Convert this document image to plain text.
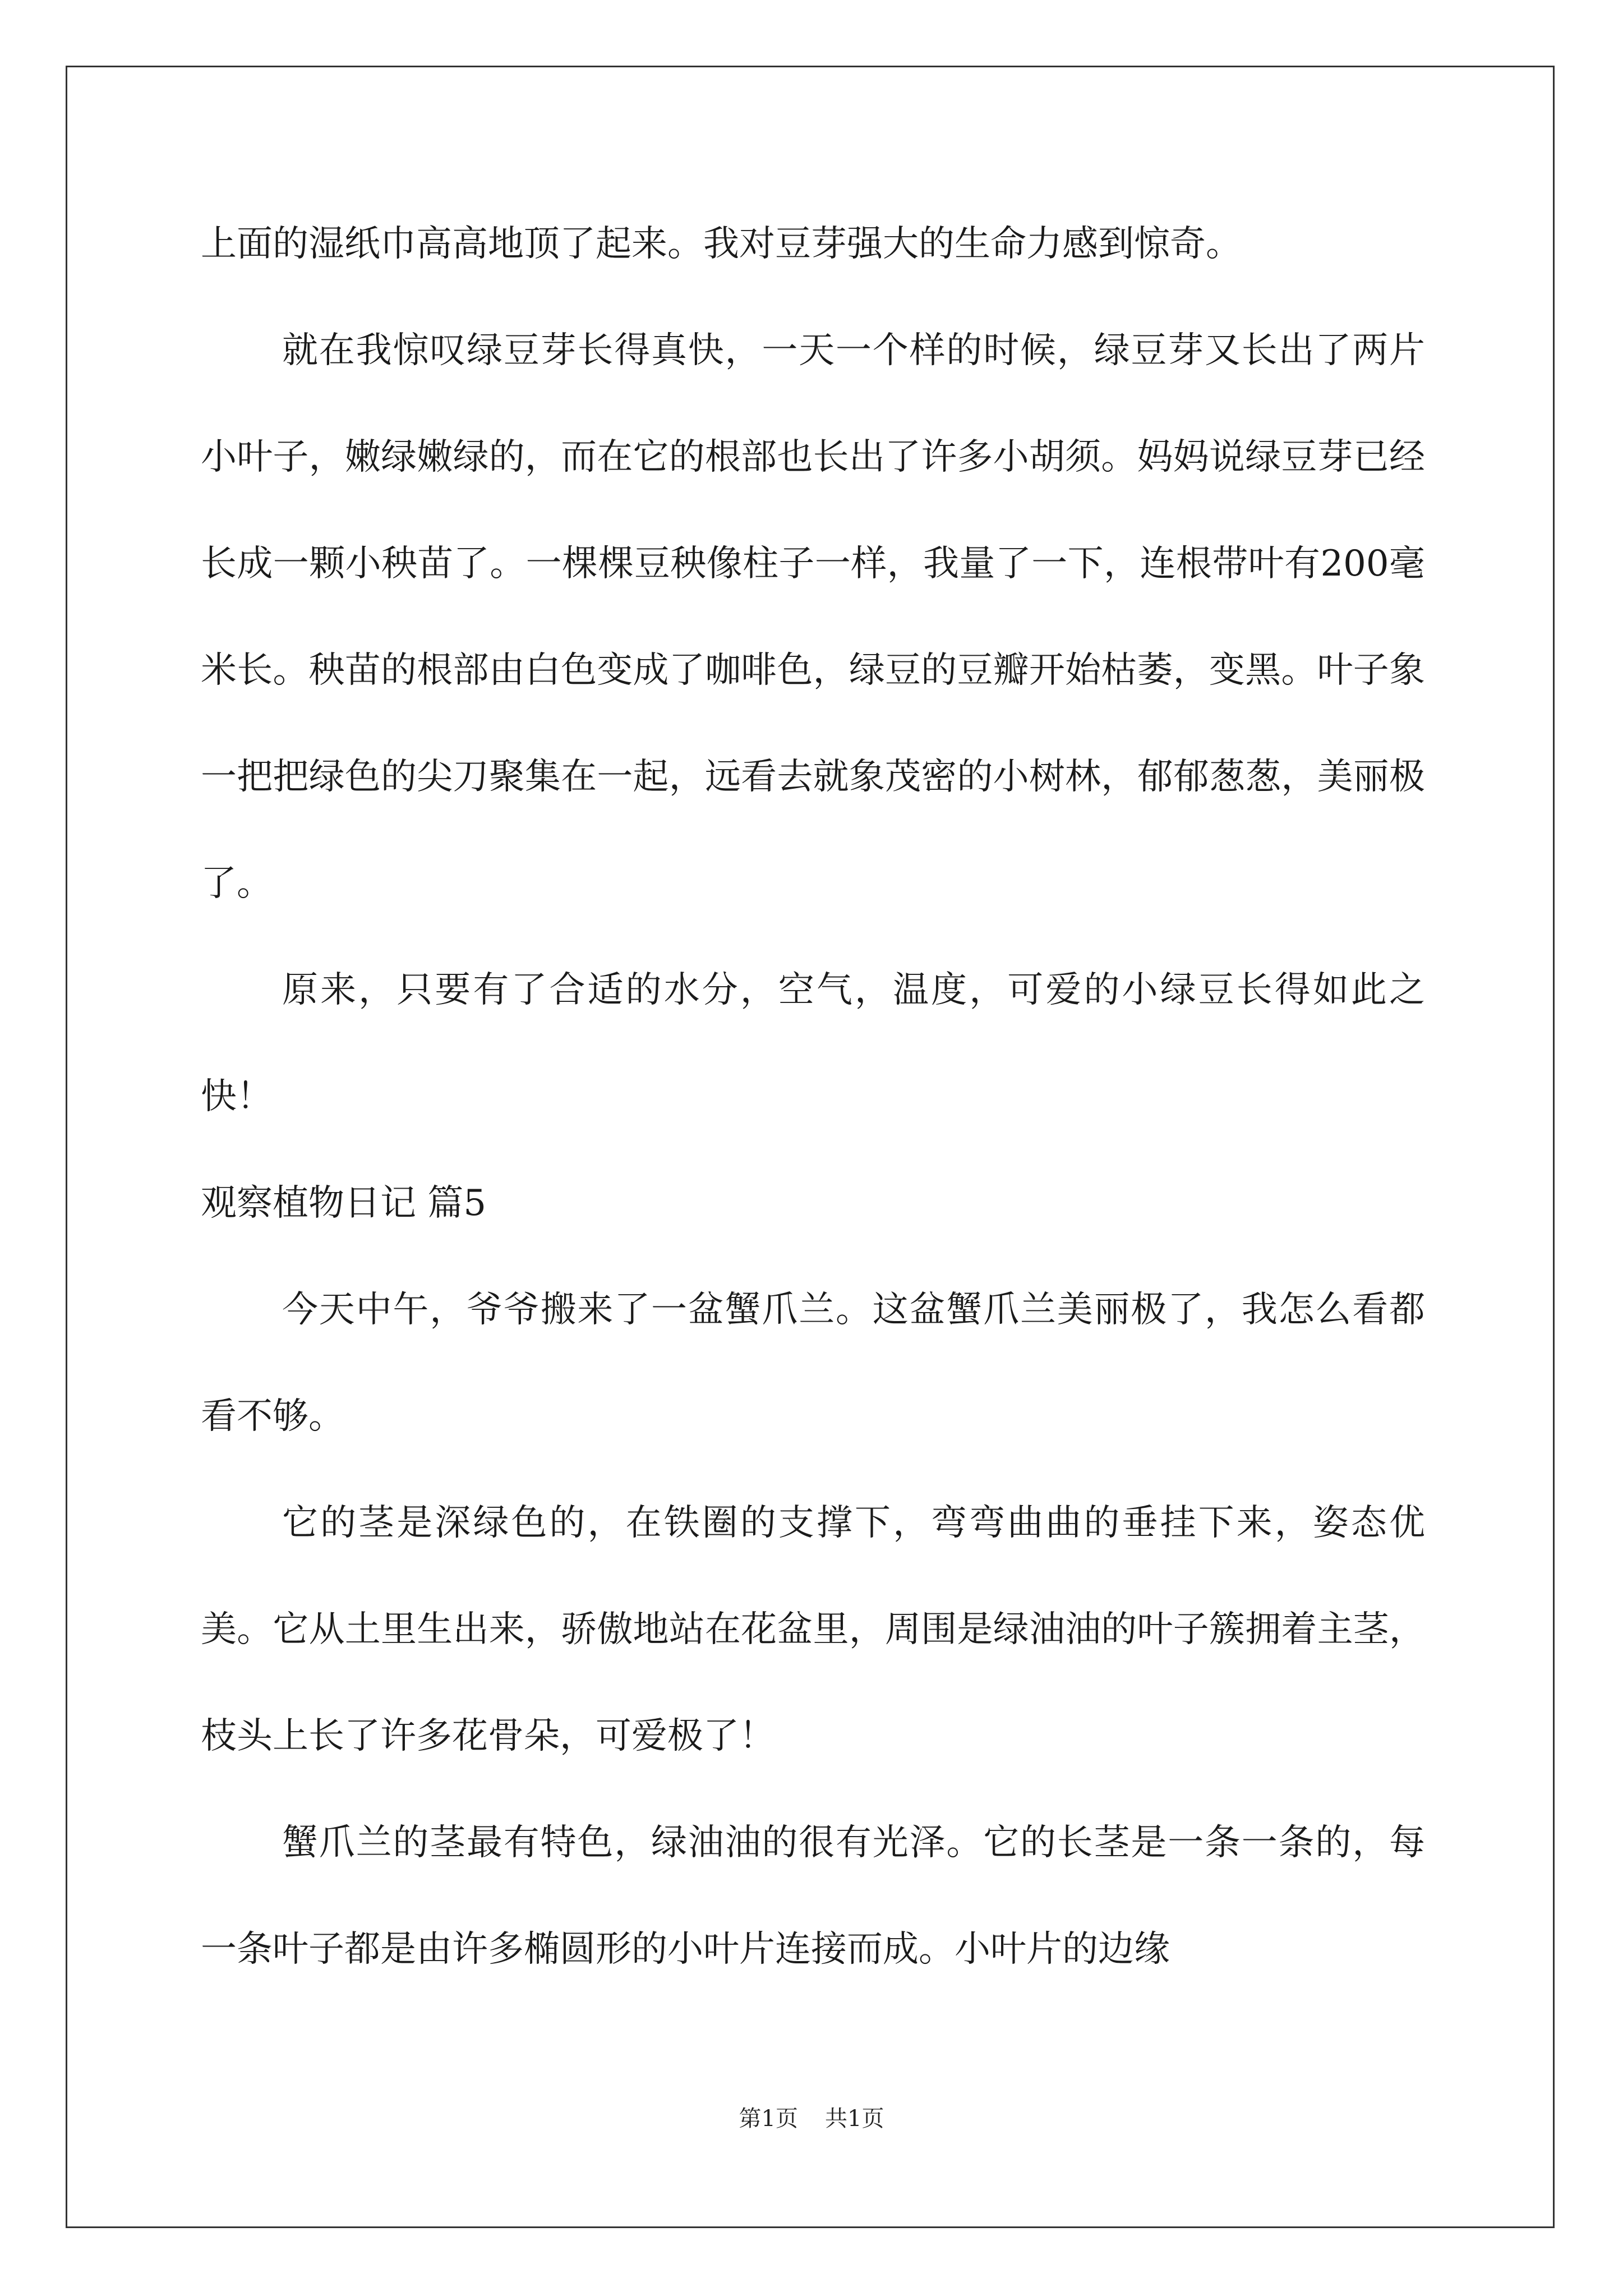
上面的湿纸巾高高地顶了起来。我对豆芽强大的生命力感到惊奇。

就在我惊叹绿豆芽长得真快，一天一个样的时候，绿豆芽又长出了两片小叶子，嫩绿嫩绿的，而在它的根部也长出了许多小胡须。妈妈说绿豆芽已经长成一颗小秧苗了。一棵棵豆秧像柱子一样，我量了一下，连根带叶有200毫米长。秧苗的根部由白色变成了咖啡色，绿豆的豆瓣开始枯萎，变黑。叶子象一把把绿色的尖刀聚集在一起，远看去就象茂密的小树林，郁郁葱葱，美丽极了。

原来，只要有了合适的水分，空气，温度，可爱的小绿豆长得如此之快！

观察植物日记 篇5

今天中午，爷爷搬来了一盆蟹爪兰。这盆蟹爪兰美丽极了，我怎么看都看不够。

它的茎是深绿色的，在铁圈的支撑下，弯弯曲曲的垂挂下来，姿态优美。它从土里生出来，骄傲地站在花盆里，周围是绿油油的叶子簇拥着主茎，枝头上长了许多花骨朵，可爱极了！

蟹爪兰的茎最有特色，绿油油的很有光泽。它的长茎是一条一条的，每一条叶子都是由许多椭圆形的小叶片连接而成。小叶片的边缘

第1页 共1页
